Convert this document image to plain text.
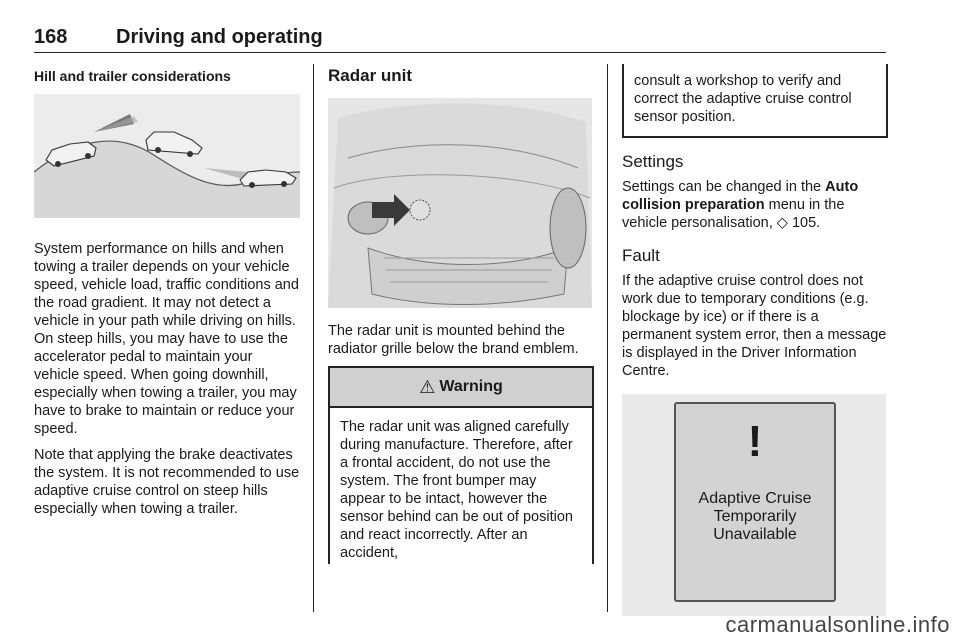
168 Driving and operating
Hill and trailer considerations

System performance on hills and when towing a trailer depends on your vehicle speed, vehicle load, traffic conditions and the road gradient. It may not detect a vehicle in your path while driving on hills. On steep hills, you may have to use the accelerator pedal to maintain your vehicle speed. When going downhill, especially when towing a trailer, you may have to brake to maintain or reduce your speed.

Note that applying the brake deactivates the system. It is not recommended to use adaptive cruise control on steep hills especially when towing a trailer.

Radar unit

The radar unit is mounted behind the radiator grille below the brand emblem.

⚠ Warning

The radar unit was aligned carefully during manufacture. Therefore, after a frontal accident, do not use the system. The front bumper may appear to be intact, however the sensor behind can be out of position and react incorrectly. After an accident,

consult a workshop to verify and correct the adaptive cruise control sensor position.

Settings

Settings can be changed in the Auto collision preparation menu in the vehicle personalisation, ◇ 105.

Fault

If the adaptive cruise control does not work due to temporary conditions (e.g. blockage by ice) or if there is a permanent system error, then a message is displayed in the Driver Information Centre.

!
Adaptive Cruise
Temporarily
Unavailable
carmanualsonline.info
